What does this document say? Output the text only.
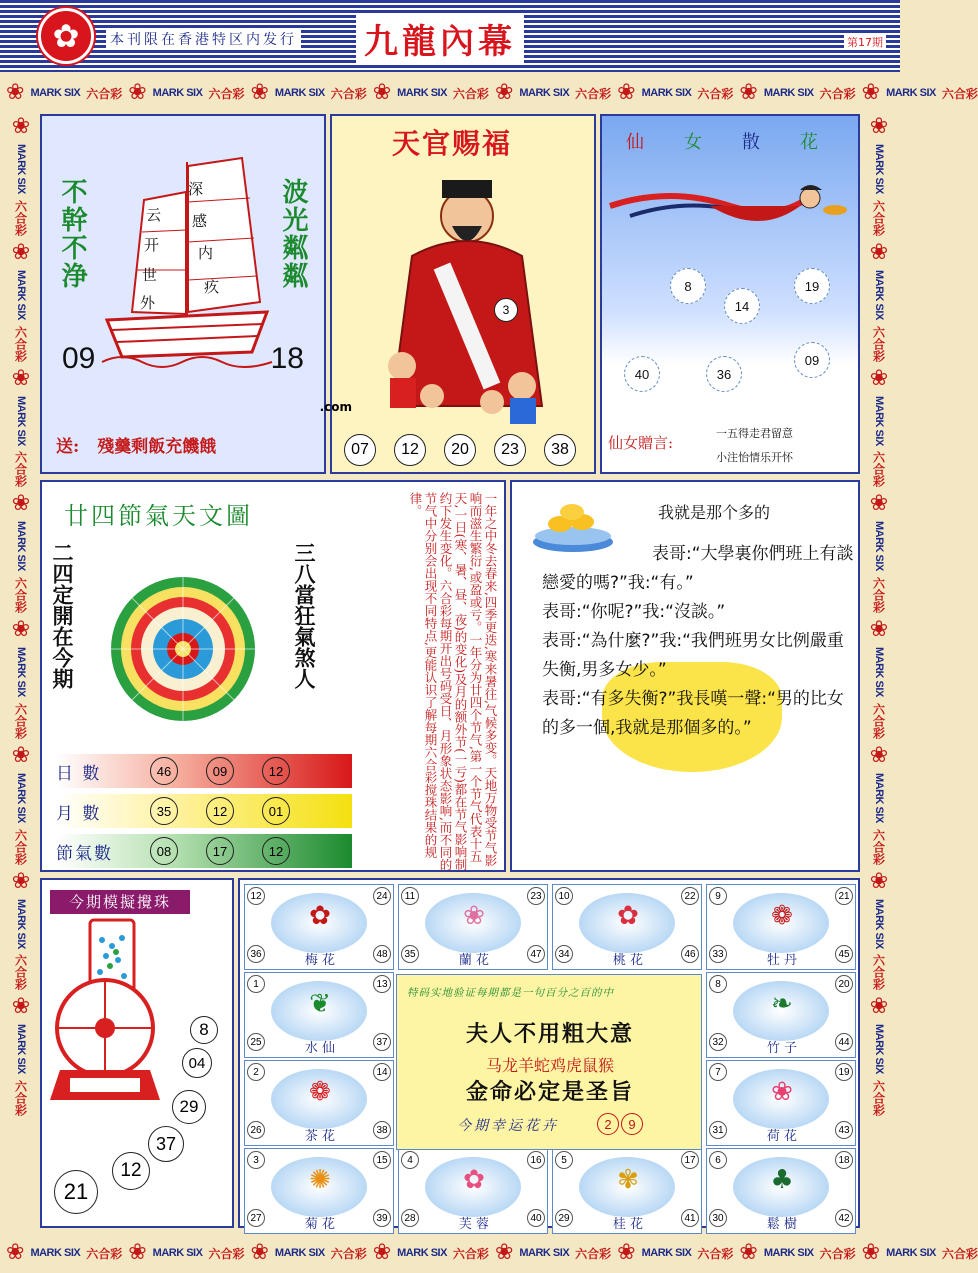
✿
本刊限在香港特区内发行 九龍內幕	第17期
❀ MARK SIX 六合彩 ❀ MARK SIX 六合彩 ❀ MARK SIX 六合彩 ❀ MARK SIX 六合彩 ❀ MARK SIX 六合彩 ❀ MARK SIX 六合彩 ❀ MARK SIX 六合彩 ❀ MARK SIX 六合彩
❀ MARK SIX 六合彩 ❀ MARK SIX 六合彩 ❀ MARK SIX 六合彩 ❀ MARK SIX 六合彩 ❀ MARK SIX 六合彩 ❀ MARK SIX 六合彩 ❀ MARK SIX 六合彩 ❀ MARK SIX 六合彩
❀
MARK SIX
六合彩
❀
MARK SIX
六合彩
❀
MARK SIX
六合彩
❀
MARK SIX
六合彩
❀
MARK SIX
六合彩
❀
MARK SIX
六合彩
❀
MARK SIX
六合彩
❀
MARK SIX
六合彩
❀
MARK SIX
六合彩
❀
MARK SIX
六合彩
❀
MARK SIX
六合彩
❀
MARK SIX
六合彩
❀
MARK SIX
六合彩
❀
MARK SIX
六合彩
❀
MARK SIX
六合彩
❀
MARK SIX
六合彩
不幹不浄	波光粼粼
深
感
内
疚
云
开
世
外
09	18
.com
送: 殘羹剩飯充饑餓
天官赐福
3
07	12	20	23	38
仙 女 散 花
8	19
14
09
40	36
仙女贈言:
一五得走君留意
小注怡情乐开怀
廿四節氣天文圖
二四定開在今期	三八當狂氣煞人	一年之中冬去春来,四季更迭,寒来暑往,气候多变。天地万物受节气影响而滋生繁衍,或盈或亏。一年分为廿四个节气,第一个节气代表十五天,一日(寒、暑、昼、夜)的变化)及月的额外节(一亏)都在节气影响制约下发生变化。六合彩每期开出号码受日、月形象状态影响,而不同的节气中分别会出现不同特点,更能认识了解每期六合彩搅珠结果的规律。
日 數	46	09	12
月 數	35	12	01
節氣數	08	17	12
我就是那个多的
表哥:“大學裏你們班上有談戀愛的嗎?”我:“有。”

表哥:“你呢?”我:“沒談。”

表哥:“為什麼?”我:“我們班男女比例嚴重失衡,男多女少。”

表哥:“有多失衡?”我長嘆一聲:“男的比女的多一個,我就是那個多的。”

今期模擬攪珠
8
04
29
37
12
21
✿
12	24
36	48
梅 花
❀
11	23
35	47
蘭 花
✿
10	22
34	46
桃 花
❁
9	21
33	45
牡 丹
❦
1	13
25	37
水 仙
❧
8	20
32	44
竹 子
❁
2	14
26	38
茶 花
❀
7	19
31	43
荷 花
✺
3	15
27	39
菊 花
✿
4	16
28	40
芙 蓉
✾
5	17
29	41
桂 花
♣
6	18
30	42
鬆 樹
特码实地验证每期都是一句百分之百的中
夫人不用粗大意
马龙羊蛇鸡虎鼠猴
金命必定是圣旨
今期幸运花卉	2	9
